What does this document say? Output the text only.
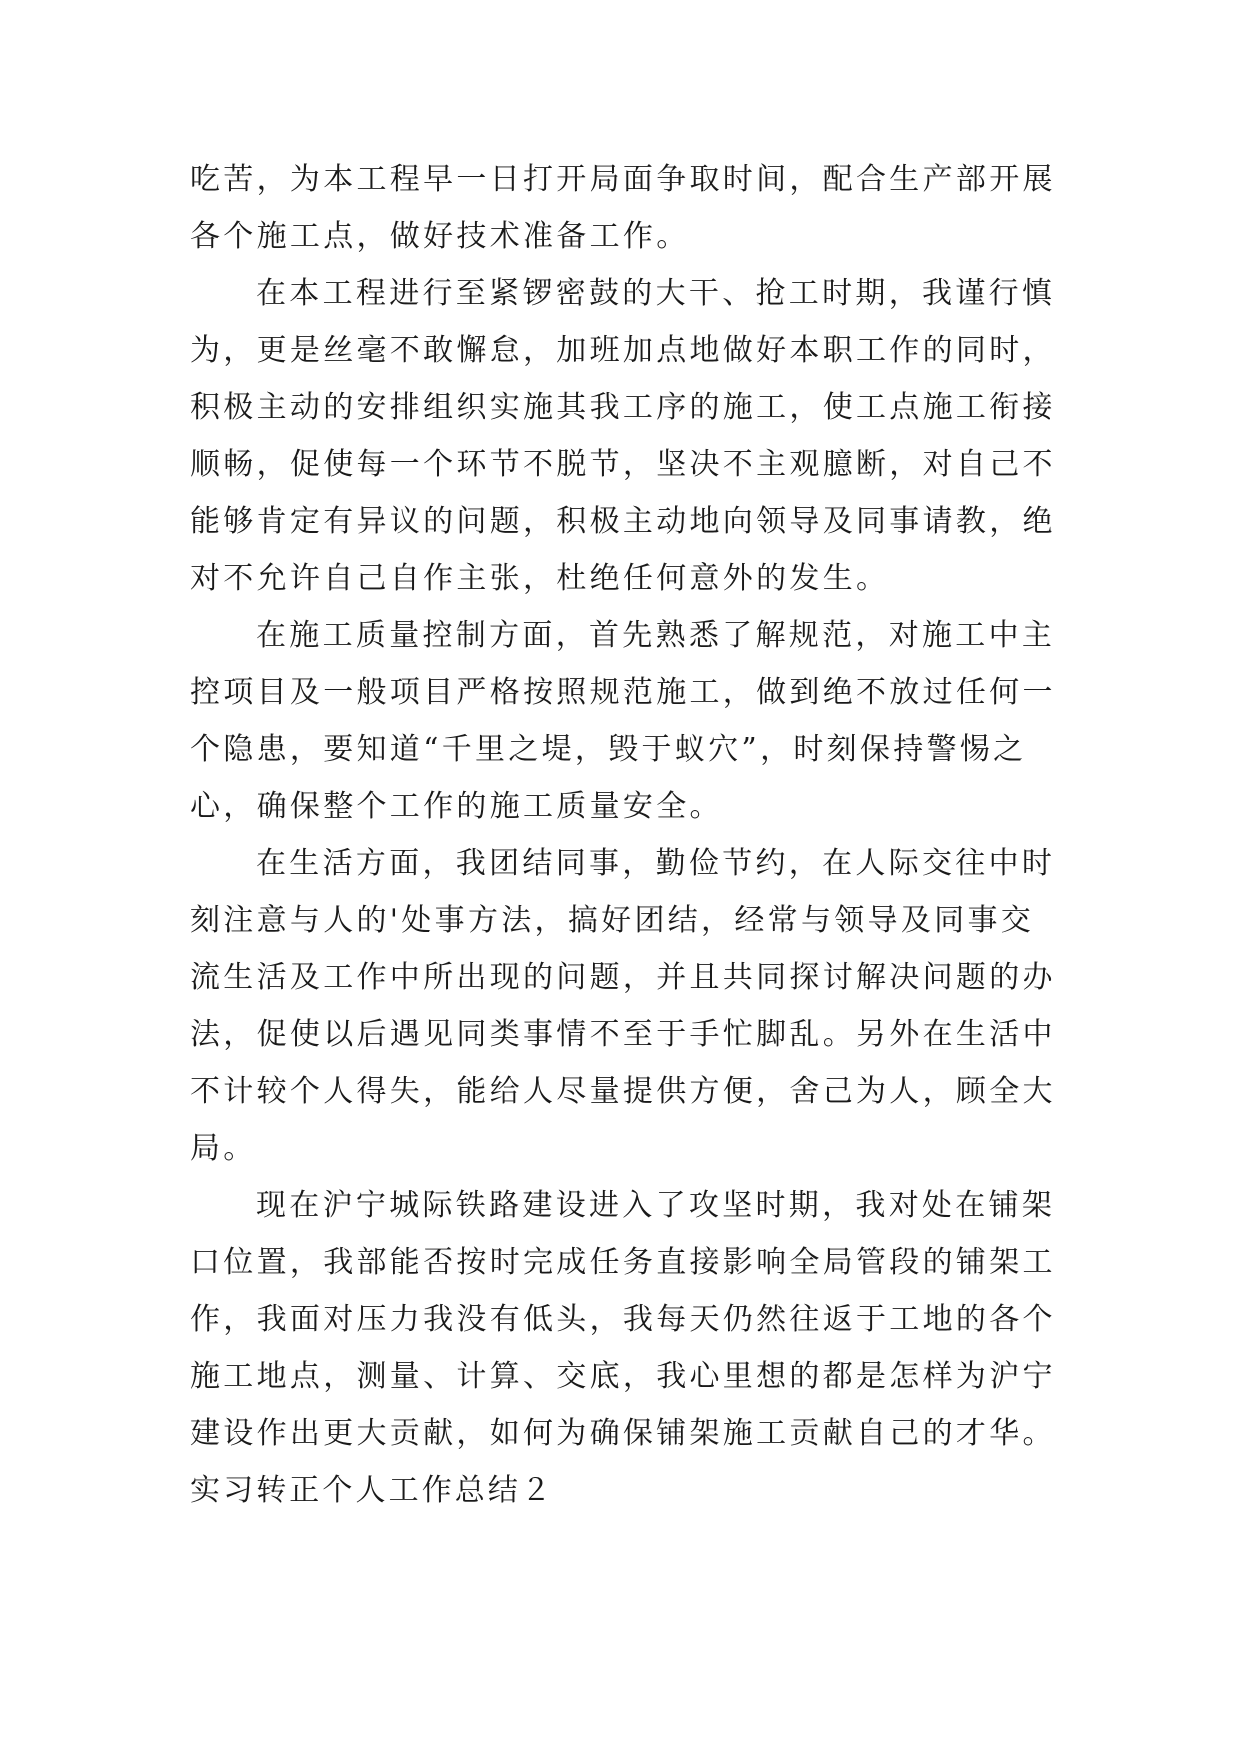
吃苦，为本工程早一日打开局面争取时间，配合生产部开展
各个施工点，做好技术准备工作。
在本工程进行至紧锣密鼓的大干、抢工时期，我谨行慎
为，更是丝毫不敢懈怠，加班加点地做好本职工作的同时，
积极主动的安排组织实施其我工序的施工，使工点施工衔接
顺畅，促使每一个环节不脱节，坚决不主观臆断，对自己不
能够肯定有异议的问题，积极主动地向领导及同事请教，绝
对不允许自己自作主张，杜绝任何意外的发生。
在施工质量控制方面，首先熟悉了解规范，对施工中主
控项目及一般项目严格按照规范施工，做到绝不放过任何一
个隐患，要知道“千里之堤，毁于蚁穴”，时刻保持警惕之
心，确保整个工作的施工质量安全。
在生活方面，我团结同事，勤俭节约，在人际交往中时
刻注意与人的'处事方法，搞好团结，经常与领导及同事交
流生活及工作中所出现的问题，并且共同探讨解决问题的办
法，促使以后遇见同类事情不至于手忙脚乱。另外在生活中
不计较个人得失，能给人尽量提供方便，舍己为人，顾全大
局。
现在沪宁城际铁路建设进入了攻坚时期，我对处在铺架
口位置，我部能否按时完成任务直接影响全局管段的铺架工
作，我面对压力我没有低头，我每天仍然往返于工地的各个
施工地点，测量、计算、交底，我心里想的都是怎样为沪宁
建设作出更大贡献，如何为确保铺架施工贡献自己的才华。
实习转正个人工作总结２
